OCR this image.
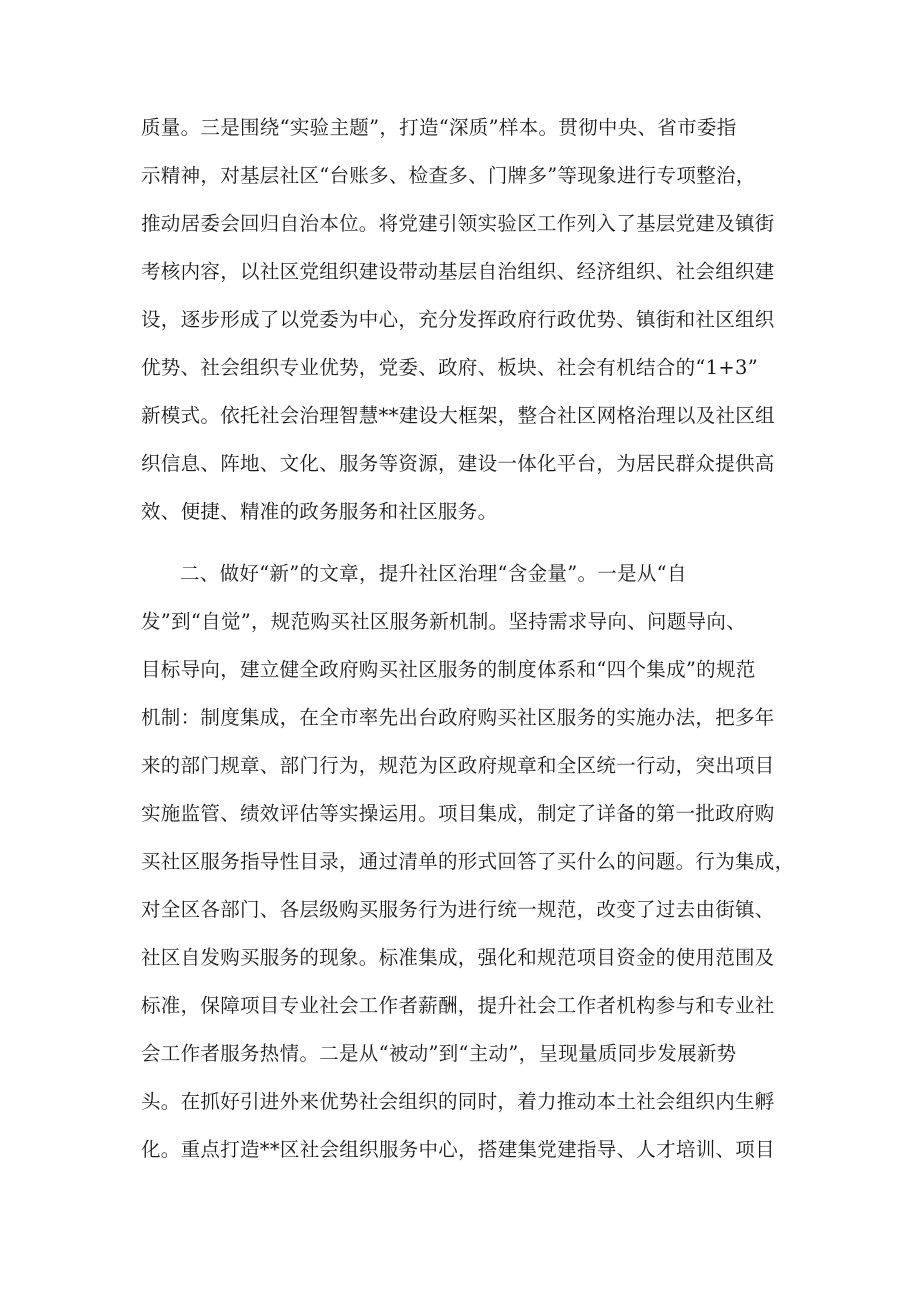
质量。三是围绕“实验主题”，打造“深质”样本。贯彻中央、省市委指
示精神，对基层社区“台账多、检查多、门牌多”等现象进行专项整治，
推动居委会回归自治本位。将党建引领实验区工作列入了基层党建及镇街
考核内容，以社区党组织建设带动基层自治组织、经济组织、社会组织建
设，逐步形成了以党委为中心，充分发挥政府行政优势、镇街和社区组织
优势、社会组织专业优势，党委、政府、板块、社会有机结合的“1+3”
新模式。依托社会治理智慧**建设大框架，整合社区网格治理以及社区组
织信息、阵地、文化、服务等资源，建设一体化平台，为居民群众提供高
效、便捷、精准的政务服务和社区服务。
二、做好“新”的文章，提升社区治理“含金量”。一是从“自
发”到“自觉”，规范购买社区服务新机制。坚持需求导向、问题导向、
目标导向，建立健全政府购买社区服务的制度体系和“四个集成”的规范
机制：制度集成，在全市率先出台政府购买社区服务的实施办法，把多年
来的部门规章、部门行为，规范为区政府规章和全区统一行动，突出项目
实施监管、绩效评估等实操运用。项目集成，制定了详备的第一批政府购
买社区服务指导性目录，通过清单的形式回答了买什么的问题。行为集成，
对全区各部门、各层级购买服务行为进行统一规范，改变了过去由街镇、
社区自发购买服务的现象。标准集成，强化和规范项目资金的使用范围及
标准，保障项目专业社会工作者薪酬，提升社会工作者机构参与和专业社
会工作者服务热情。二是从“被动”到“主动”，呈现量质同步发展新势
头。在抓好引进外来优势社会组织的同时，着力推动本土社会组织内生孵
化。重点打造**区社会组织服务中心，搭建集党建指导、人才培训、项目
